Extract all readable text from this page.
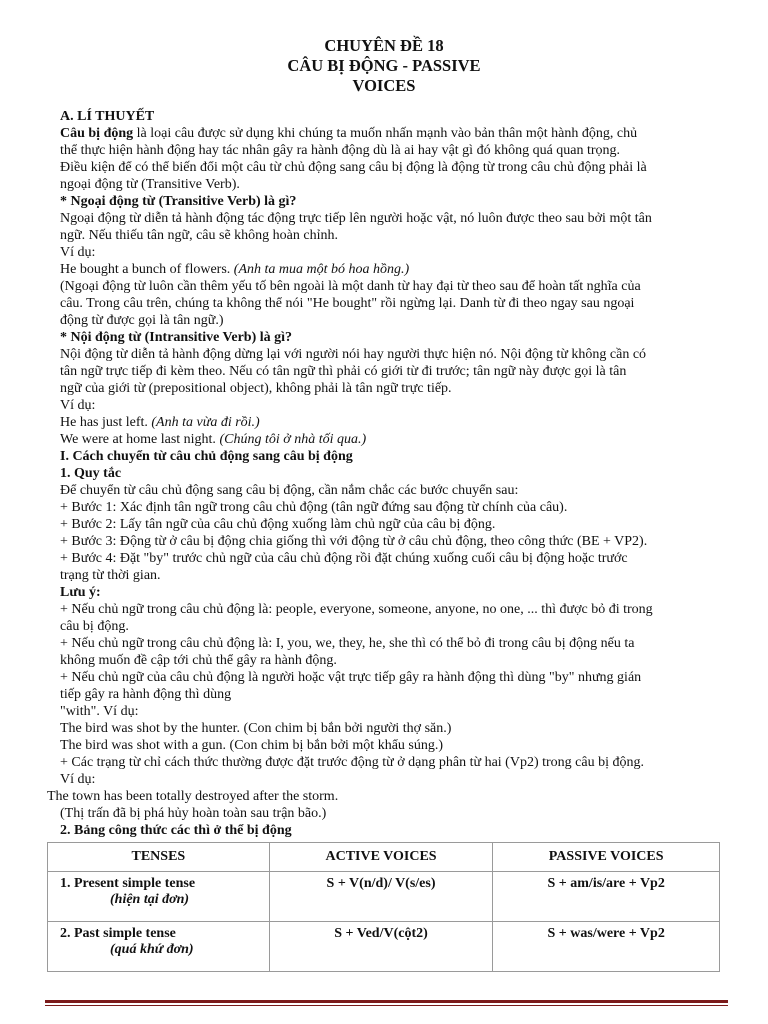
CHUYÊN ĐỀ 18
CÂU BỊ ĐỘNG - PASSIVE
VOICES
A. LÍ THUYẾT
Câu bị động là loại câu được sử dụng khi chúng ta muốn nhấn mạnh vào bản thân một hành động, chủ
thể thực hiện hành động hay tác nhân gây ra hành động dù là ai hay vật gì đó không quá quan trọng.
Điều kiện để có thể biến đổi một câu từ chủ động sang câu bị động là động từ trong câu chủ động phải là
ngoại động từ (Transitive Verb).
* Ngoại động từ (Transitive Verb) là gì?
Ngoại động từ diễn tả hành động tác động trực tiếp lên người hoặc vật, nó luôn được theo sau bởi một tân
ngữ. Nếu thiếu tân ngữ, câu sẽ không hoàn chỉnh.
Ví dụ:
He bought a bunch of flowers. (Anh ta mua một bó hoa hồng.)
(Ngoại động từ luôn cần thêm yếu tố bên ngoài là một danh từ hay đại từ theo sau để hoàn tất nghĩa của
câu. Trong câu trên, chúng ta không thể nói "He bought" rồi ngừng lại. Danh từ đi theo ngay sau ngoại
động từ được gọi là tân ngữ.)
* Nội động từ (Intransitive Verb) là gì?
Nội động từ diễn tả hành động dừng lại với người nói hay người thực hiện nó. Nội động từ không cần có
tân ngữ trực tiếp đi kèm theo. Nếu có tân ngữ thì phải có giới từ đi trước; tân ngữ này được gọi là tân
ngữ của giới từ (prepositional object), không phải là tân ngữ trực tiếp.
Ví dụ:
He has just left. (Anh ta vừa đi rồi.)
We were at home last night. (Chúng tôi ở nhà tối qua.)
I. Cách chuyển từ câu chủ động sang câu bị động
1. Quy tắc
Để chuyển từ câu chủ động sang câu bị động, cần nắm chắc các bước chuyển sau:
+ Bước 1: Xác định tân ngữ trong câu chủ động (tân ngữ đứng sau động từ chính của câu).
+ Bước 2: Lấy tân ngữ của câu chủ động xuống làm chủ ngữ của câu bị động.
+ Bước 3: Động từ ở câu bị động chia giống thì với động từ ở câu chủ động, theo công thức (BE + VP2).
+ Bước 4: Đặt "by" trước chủ ngữ của câu chủ động rồi đặt chúng xuống cuối câu bị động hoặc trước
trạng từ thời gian.
Lưu ý:
+ Nếu chủ ngữ trong câu chủ động là: people, everyone, someone, anyone, no one, ... thì được bỏ đi trong
câu bị động.
+ Nếu chủ ngữ trong câu chủ động là: I, you, we, they, he, she thì có thể bỏ đi trong câu bị động nếu ta
không muốn đề cập tới chủ thể gây ra hành động.
+ Nếu chủ ngữ của câu chủ động là người hoặc vật trực tiếp gây ra hành động thì dùng "by" nhưng gián
tiếp gây ra hành động thì dùng
"with". Ví dụ:
The bird was shot by the hunter. (Con chim bị bắn bởi người thợ săn.)
The bird was shot with a gun. (Con chim bị bắn bởi một khẩu súng.)
+ Các trạng từ chỉ cách thức thường được đặt trước động từ ở dạng phân từ hai (Vp2) trong câu bị động.
Ví dụ:
The town has been totally destroyed after the storm.
(Thị trấn đã bị phá hủy hoàn toàn sau trận bão.)
2. Bảng công thức các thì ở thể bị động
TENSES	ACTIVE VOICES	PASSIVE VOICES
1. Present simple tense
(hiện tại đơn)	S + V(n/d)/ V(s/es)	S + am/is/are + Vp2
2. Past simple tense
(quá khứ đơn)	S + Ved/V(cột2)	S + was/were + Vp2
